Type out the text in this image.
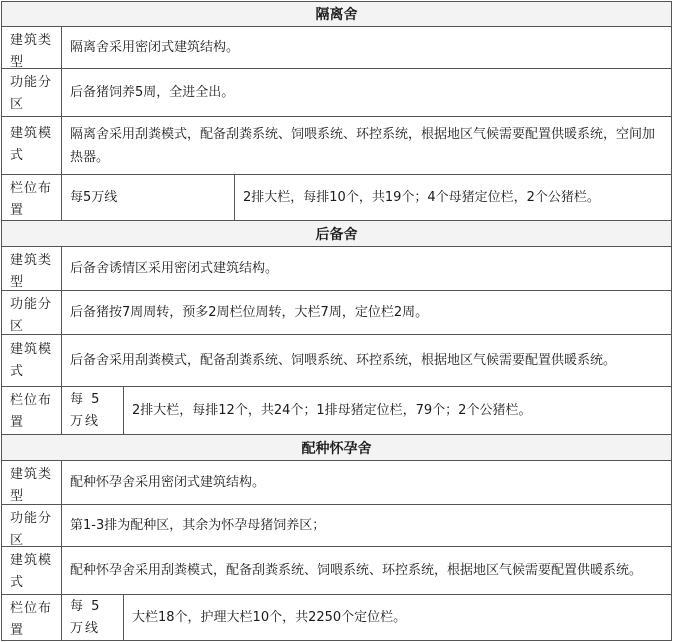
隔离舍
建筑类型
隔离舍采用密闭式建筑结构。
功能分区
后备猪饲养5周，全进全出。
建筑模式
隔离舍采用刮粪模式，配备刮粪系统、饲喂系统、环控系统，根据地区气候需要配置供暖系统，空间加热器。
栏位布置
每5万线	2排大栏，每排10个，共19个；4个母猪定位栏，2个公猪栏。
后备舍
建筑类型
后备舍诱情区采用密闭式建筑结构。
功能分区
后备猪按7周周转，预多2周栏位周转，大栏7周，定位栏2周。
建筑模式
后备舍采用刮粪模式，配备刮粪系统、饲喂系统、环控系统，根据地区气候需要配置供暖系统。
栏位布置
每 5 万线
2排大栏，每排12个，共24个；1排母猪定位栏，79个；2个公猪栏。
配种怀孕舍
建筑类型
配种怀孕舍采用密闭式建筑结构。
功能分区
第1-3排为配种区，其余为怀孕母猪饲养区；
建筑模式
配种怀孕舍采用刮粪模式，配备刮粪系统、饲喂系统、环控系统，根据地区气候需要配置供暖系统。
栏位布置
每 5 万线
大栏18个，护理大栏10个，共2250个定位栏。
